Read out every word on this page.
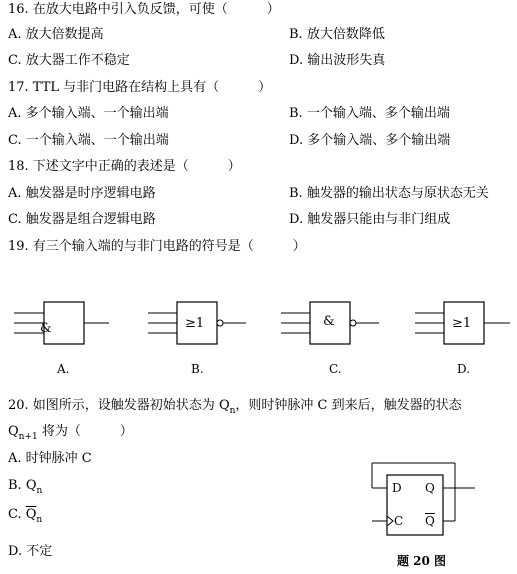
16. 在放大电路中引入负反馈，可使（　　　）
A. 放大倍数提高	B. 放大倍数降低
C. 放大器工作不稳定	D. 输出波形失真
17. TTL 与非门电路在结构上具有（　　　）
A. 多个输入端、一个输出端	B. 一个输入端、多个输出端
C. 一个输入端、一个输出端	D. 多个输入端、多个输出端
18. 下述文字中正确的表述是（　　　）
A. 触发器是时序逻辑电路	B. 触发器的输出状态与原状态无关
C. 触发器是组合逻辑电路	D. 触发器只能由与非门组成
19. 有三个输入端的与非门电路的符号是（　　　）
&	≥1	&	≥1
A.	B.	C.	D.
20. 如图所示，设触发器初始状态为 $Q_n$，则时钟脉冲 C 到来后，触发器的状态
$Q_{n+1}$ 将为（　　　）
A. 时钟脉冲 C
B. $Q_n$
C. $\overline{Q}_n$
D. 不定
D Q
C $\overline{Q}$
题 20 图
